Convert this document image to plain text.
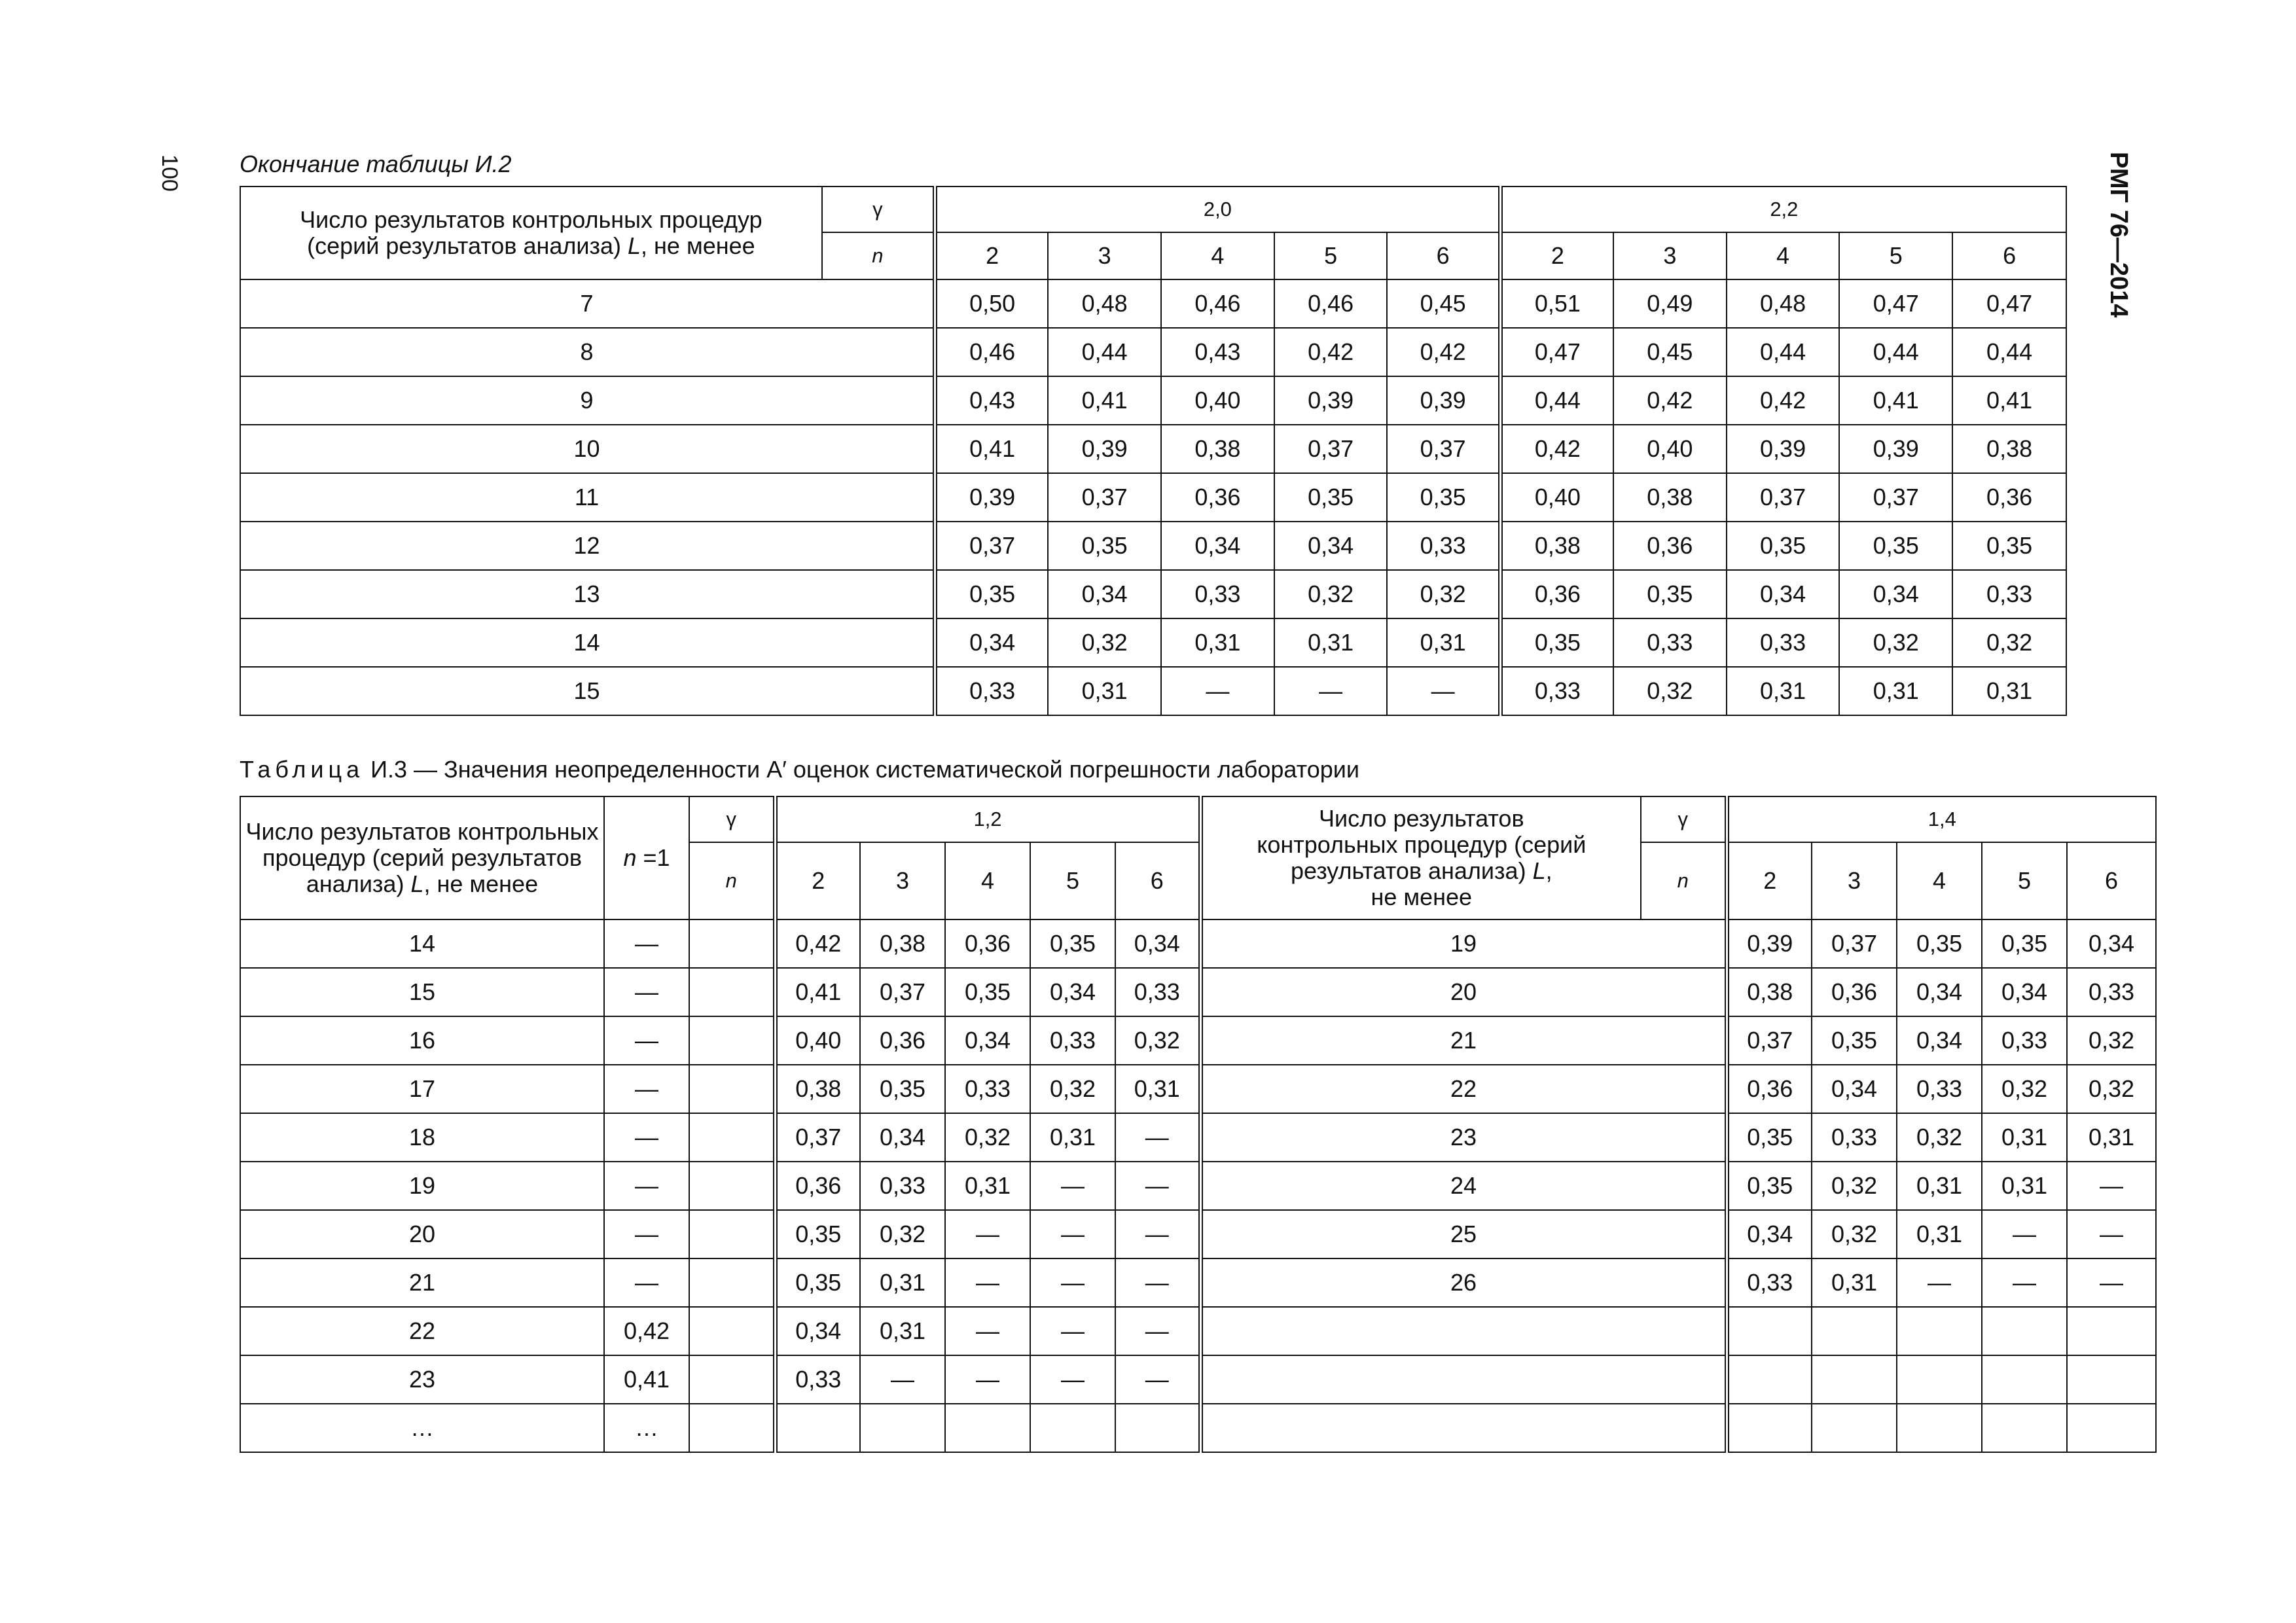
100	РМГ 76—2014
Окончание таблицы И.2
Число результатов контрольных процедур
(серий результатов анализа) L, не менее	γ	2,0					2,2				
	n	2	3	4	5	6	2	3	4	5	6
7		0,50	0,48	0,46	0,46	0,45	0,51	0,49	0,48	0,47	0,47
8		0,46	0,44	0,43	0,42	0,42	0,47	0,45	0,44	0,44	0,44
9		0,43	0,41	0,40	0,39	0,39	0,44	0,42	0,42	0,41	0,41
10		0,41	0,39	0,38	0,37	0,37	0,42	0,40	0,39	0,39	0,38
11		0,39	0,37	0,36	0,35	0,35	0,40	0,38	0,37	0,37	0,36
12		0,37	0,35	0,34	0,34	0,33	0,38	0,36	0,35	0,35	0,35
13		0,35	0,34	0,33	0,32	0,32	0,36	0,35	0,34	0,34	0,33
14		0,34	0,32	0,31	0,31	0,31	0,35	0,33	0,33	0,32	0,32
15		0,33	0,31	—	—	—	0,33	0,32	0,31	0,31	0,31
Таблица И.3 — Значения неопределенности A′ оценок систематической погрешности лаборатории
Число результатов контрольных
процедур (серий результатов
анализа) L, не менее	n =1	γ	1,2					Число результатов
контрольных процедур (серий
результатов анализа) L,
не менее	γ	1,4				
		n	2	3	4	5	6		n	2	3	4	5	6
14	—		0,42	0,38	0,36	0,35	0,34	19		0,39	0,37	0,35	0,35	0,34
15	—		0,41	0,37	0,35	0,34	0,33	20		0,38	0,36	0,34	0,34	0,33
16	—		0,40	0,36	0,34	0,33	0,32	21		0,37	0,35	0,34	0,33	0,32
17	—		0,38	0,35	0,33	0,32	0,31	22		0,36	0,34	0,33	0,32	0,32
18	—		0,37	0,34	0,32	0,31	—	23		0,35	0,33	0,32	0,31	0,31
19	—		0,36	0,33	0,31	—	—	24		0,35	0,32	0,31	0,31	—
20	—		0,35	0,32	—	—	—	25		0,34	0,32	0,31	—	—
21	—		0,35	0,31	—	—	—	26		0,33	0,31	—	—	—
22	0,42		0,34	0,31	—	—	—							
23	0,41		0,33	—	—	—	—							
…	…													
